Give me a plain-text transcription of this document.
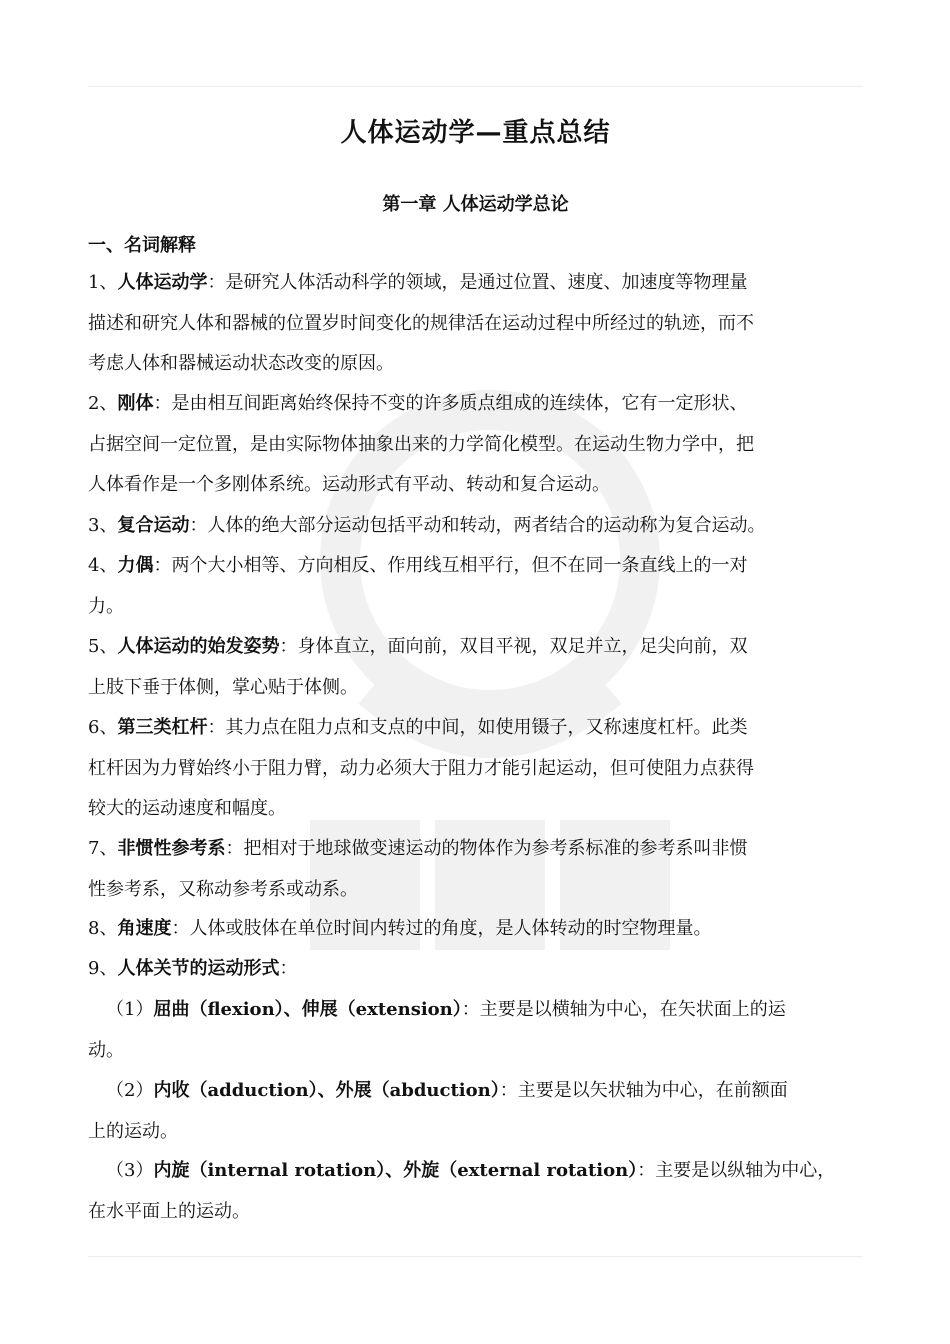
人体运动学—重点总结
第一章 人体运动学总论
一、名词解释
1、人体运动学：是研究人体活动科学的领域，是通过位置、速度、加速度等物理量
描述和研究人体和器械的位置岁时间变化的规律活在运动过程中所经过的轨迹，而不
考虑人体和器械运动状态改变的原因。
2、刚体：是由相互间距离始终保持不变的许多质点组成的连续体，它有一定形状、
占据空间一定位置，是由实际物体抽象出来的力学简化模型。在运动生物力学中，把
人体看作是一个多刚体系统。运动形式有平动、转动和复合运动。
3、复合运动：人体的绝大部分运动包括平动和转动，两者结合的运动称为复合运动。
4、力偶：两个大小相等、方向相反、作用线互相平行，但不在同一条直线上的一对
力。
5、人体运动的始发姿势：身体直立，面向前，双目平视，双足并立，足尖向前，双
上肢下垂于体侧，掌心贴于体侧。
6、第三类杠杆：其力点在阻力点和支点的中间，如使用镊子，又称速度杠杆。此类
杠杆因为力臂始终小于阻力臂，动力必须大于阻力才能引起运动，但可使阻力点获得
较大的运动速度和幅度。
7、非惯性参考系：把相对于地球做变速运动的物体作为参考系标准的参考系叫非惯
性参考系，又称动参考系或动系。
8、角速度：人体或肢体在单位时间内转过的角度，是人体转动的时空物理量。
9、人体关节的运动形式：
（1）屈曲（flexion）、伸展（extension）：主要是以横轴为中心，在矢状面上的运
动。
（2）内收（adduction）、外展（abduction）：主要是以矢状轴为中心，在前额面
上的运动。
（3）内旋（internal rotation）、外旋（external rotation）：主要是以纵轴为中心，
在水平面上的运动。
